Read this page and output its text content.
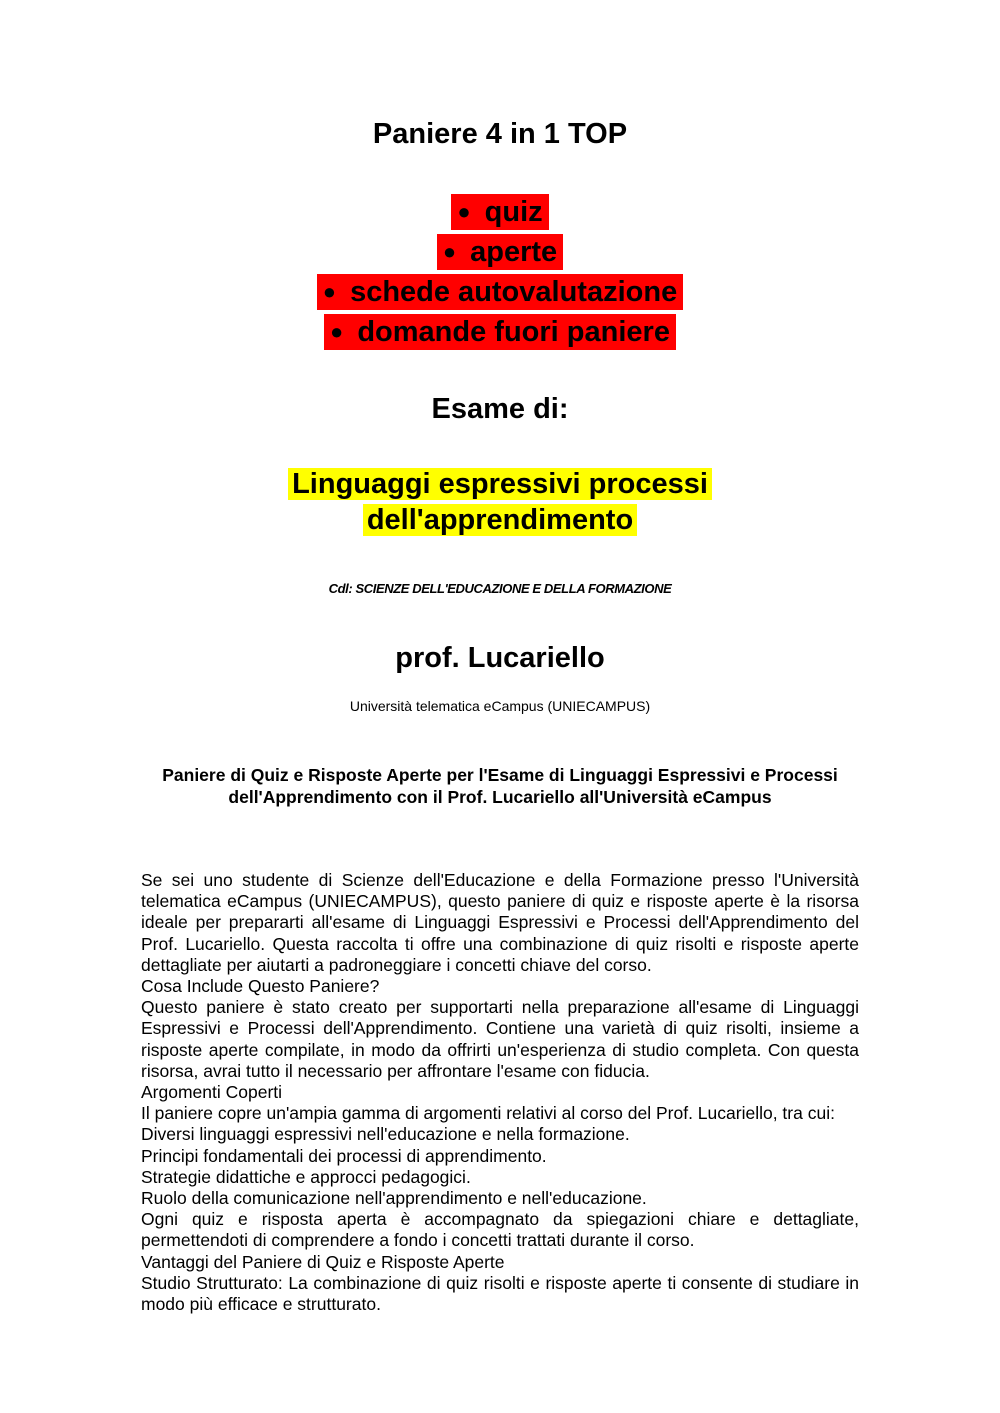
Paniere 4 in 1 TOP
● quiz
● aperte
● schede autovalutazione
● domande fuori paniere
Esame di:
Linguaggi espressivi processi
dell'apprendimento
Cdl: SCIENZE DELL'EDUCAZIONE E DELLA FORMAZIONE
prof. Lucariello
Università telematica eCampus (UNIECAMPUS)
Paniere di Quiz e Risposte Aperte per l'Esame di Linguaggi Espressivi e Processi
dell'Apprendimento con il Prof. Lucariello all'Università eCampus

Se sei uno studente di Scienze dell'Educazione e della Formazione presso l'Università telematica eCampus (UNIECAMPUS), questo paniere di quiz e risposte aperte è la risorsa ideale per prepararti all'esame di Linguaggi Espressivi e Processi dell'Apprendimento del Prof. Lucariello. Questa raccolta ti offre una combinazione di quiz risolti e risposte aperte dettagliate per aiutarti a padroneggiare i concetti chiave del corso.

Cosa Include Questo Paniere?

Questo paniere è stato creato per supportarti nella preparazione all'esame di Linguaggi Espressivi e Processi dell'Apprendimento. Contiene una varietà di quiz risolti, insieme a risposte aperte compilate, in modo da offrirti un'esperienza di studio completa. Con questa risorsa, avrai tutto il necessario per affrontare l'esame con fiducia.

Argomenti Coperti

Il paniere copre un'ampia gamma di argomenti relativi al corso del Prof. Lucariello, tra cui:

Diversi linguaggi espressivi nell'educazione e nella formazione.

Principi fondamentali dei processi di apprendimento.

Strategie didattiche e approcci pedagogici.

Ruolo della comunicazione nell'apprendimento e nell'educazione.

Ogni quiz e risposta aperta è accompagnato da spiegazioni chiare e dettagliate, permettendoti di comprendere a fondo i concetti trattati durante il corso.

Vantaggi del Paniere di Quiz e Risposte Aperte

Studio Strutturato: La combinazione di quiz risolti e risposte aperte ti consente di studiare in modo più efficace e strutturato.
